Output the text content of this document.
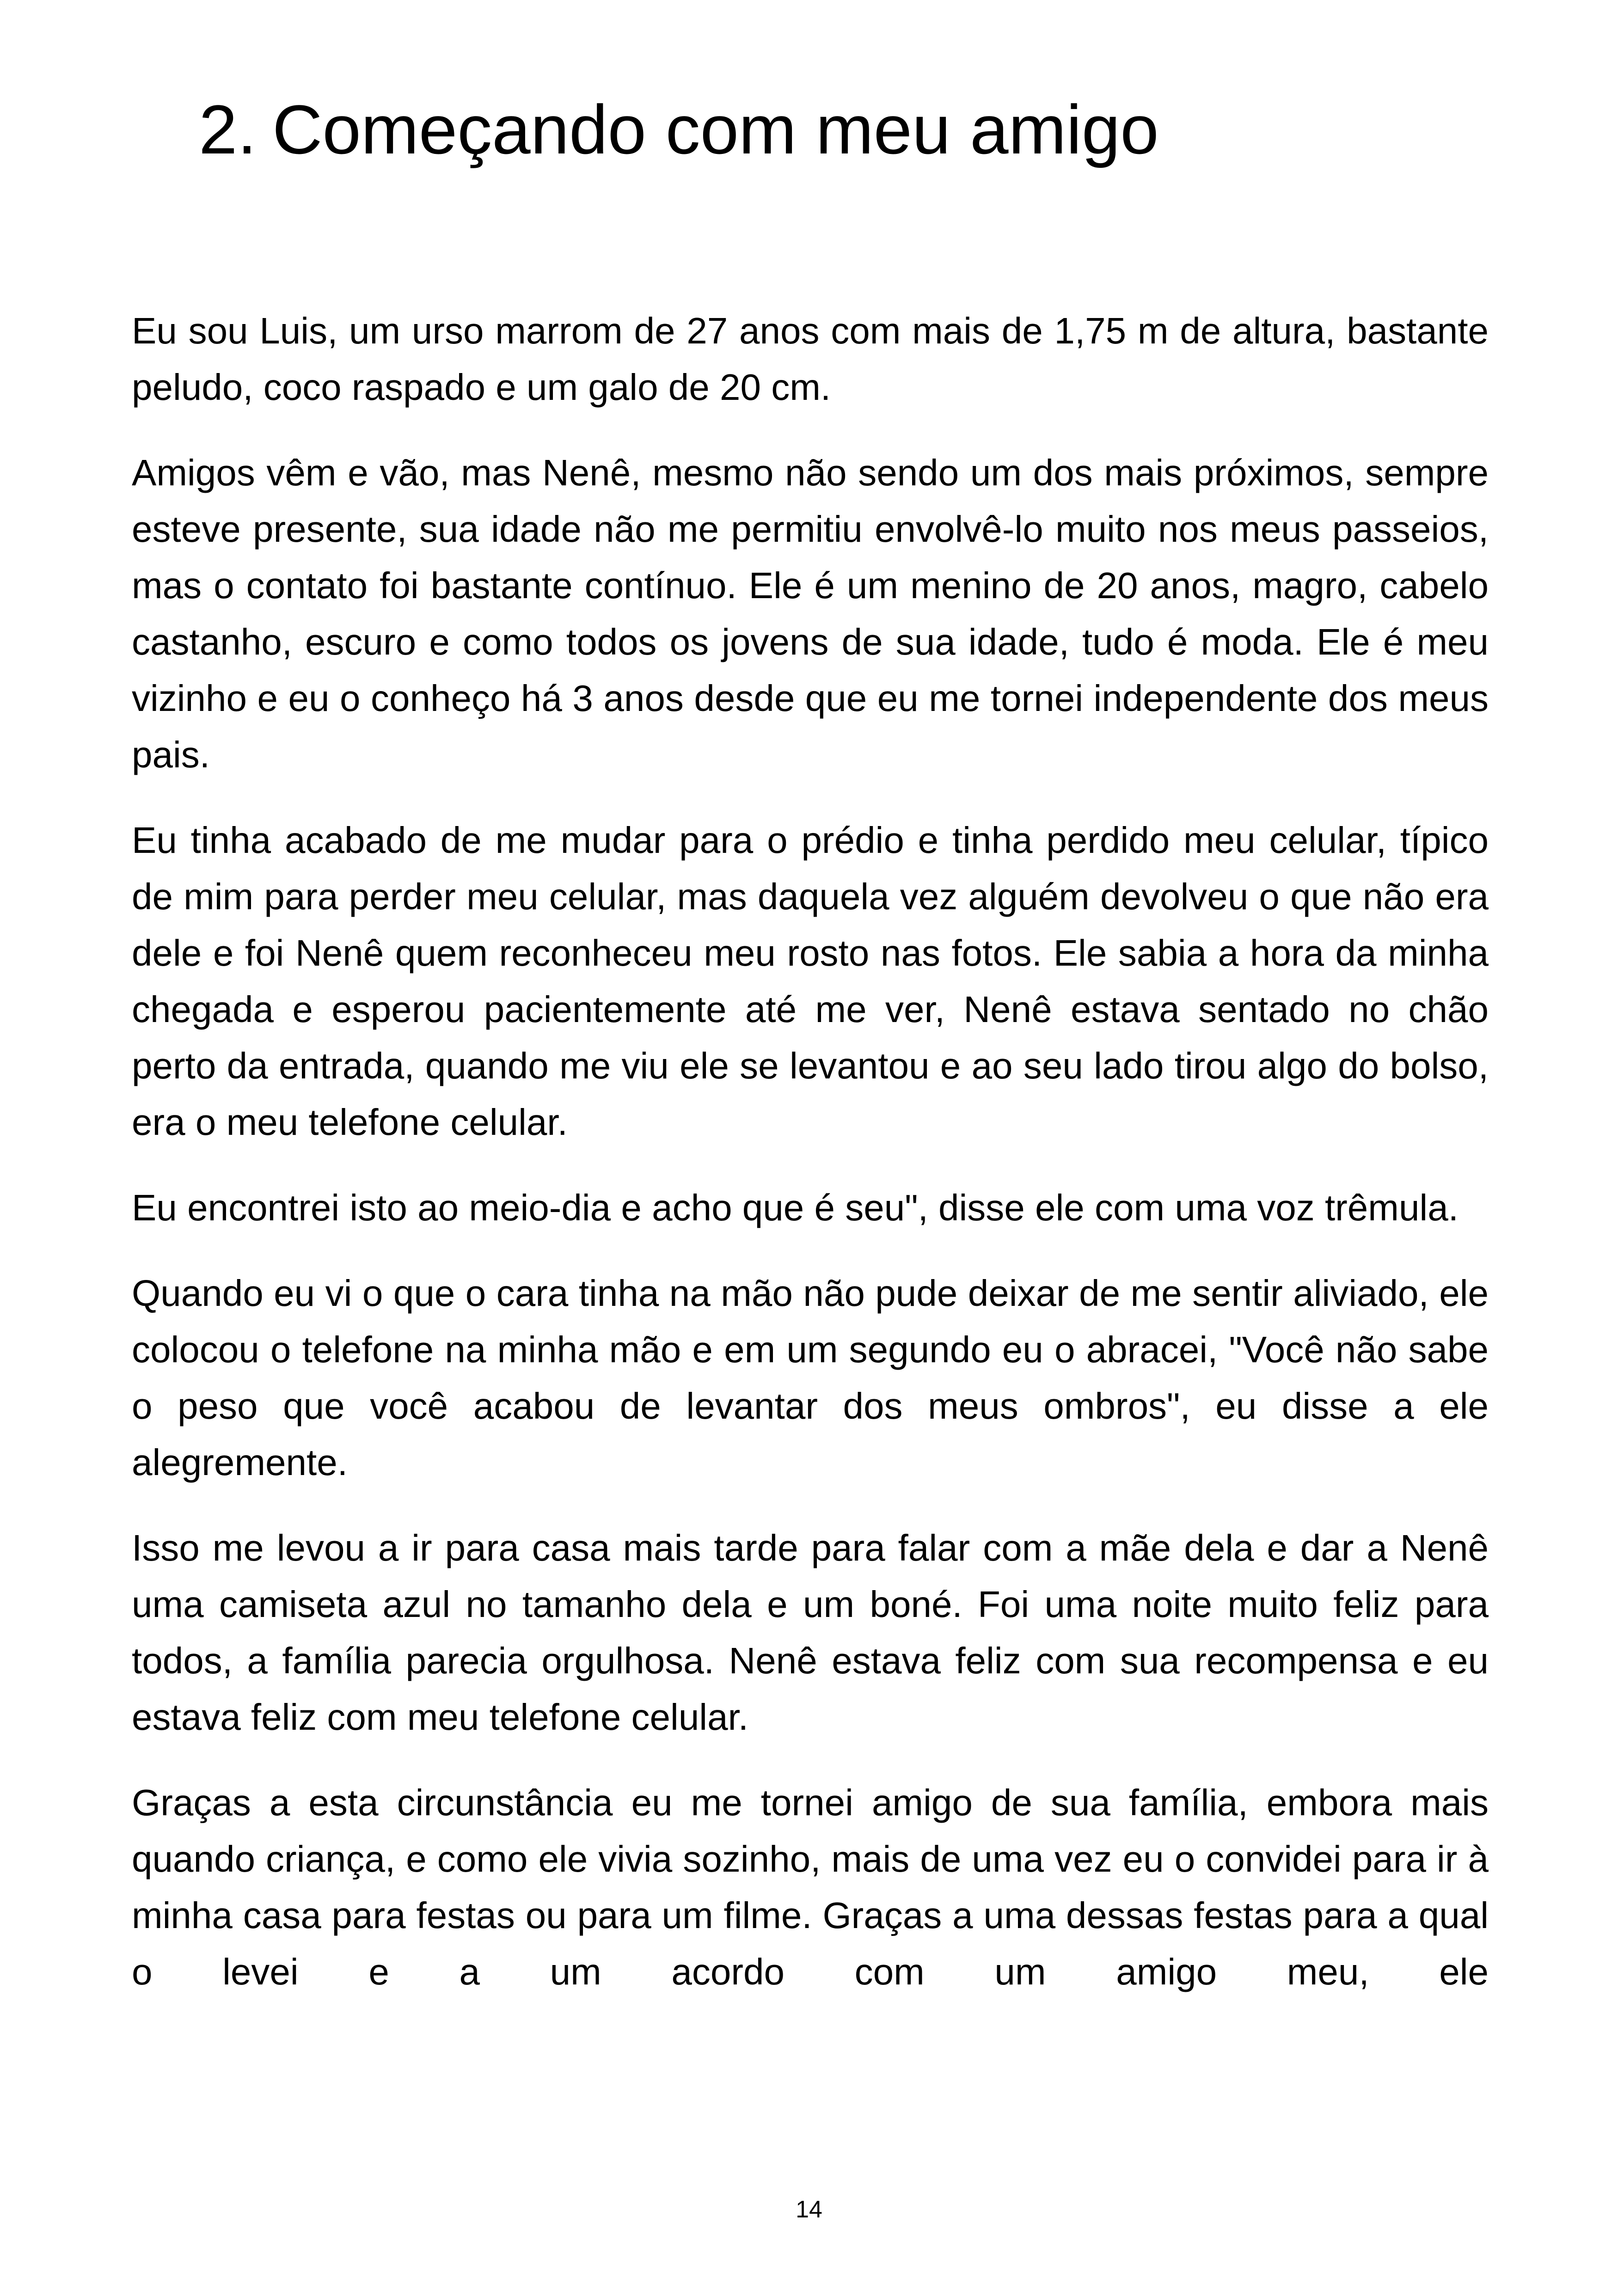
2. Começando com meu amigo

Eu sou Luis, um urso marrom de 27 anos com mais de 1,75 m de altura, bastante peludo, coco raspado e um galo de 20 cm.

Amigos vêm e vão, mas Nenê, mesmo não sendo um dos mais próximos, sempre esteve presente, sua idade não me permitiu envolvê-lo muito nos meus passeios, mas o contato foi bastante contínuo. Ele é um menino de 20 anos, magro, cabelo castanho, escuro e como todos os jovens de sua idade, tudo é moda. Ele é meu vizinho e eu o conheço há 3 anos desde que eu me tornei independente dos meus pais.

Eu tinha acabado de me mudar para o prédio e tinha perdido meu celular, típico de mim para perder meu celular, mas daquela vez alguém devolveu o que não era dele e foi Nenê quem reconheceu meu rosto nas fotos. Ele sabia a hora da minha chegada e esperou pacientemente até me ver, Nenê estava sentado no chão perto da entrada, quando me viu ele se levantou e ao seu lado tirou algo do bolso, era o meu telefone celular.

Eu encontrei isto ao meio-dia e acho que é seu", disse ele com uma voz trêmula.

Quando eu vi o que o cara tinha na mão não pude deixar de me sentir aliviado, ele colocou o telefone na minha mão e em um segundo eu o abracei, "Você não sabe o peso que você acabou de levantar dos meus ombros", eu disse a ele alegremente.

Isso me levou a ir para casa mais tarde para falar com a mãe dela e dar a Nenê uma camiseta azul no tamanho dela e um boné. Foi uma noite muito feliz para todos, a família parecia orgulhosa. Nenê estava feliz com sua recompensa e eu estava feliz com meu telefone celular.

Graças a esta circunstância eu me tornei amigo de sua família, embora mais quando criança, e como ele vivia sozinho, mais de uma vez eu o convidei para ir à minha casa para festas ou para um filme. Graças a uma dessas festas para a qual o levei e a um acordo com um amigo meu, ele

14
